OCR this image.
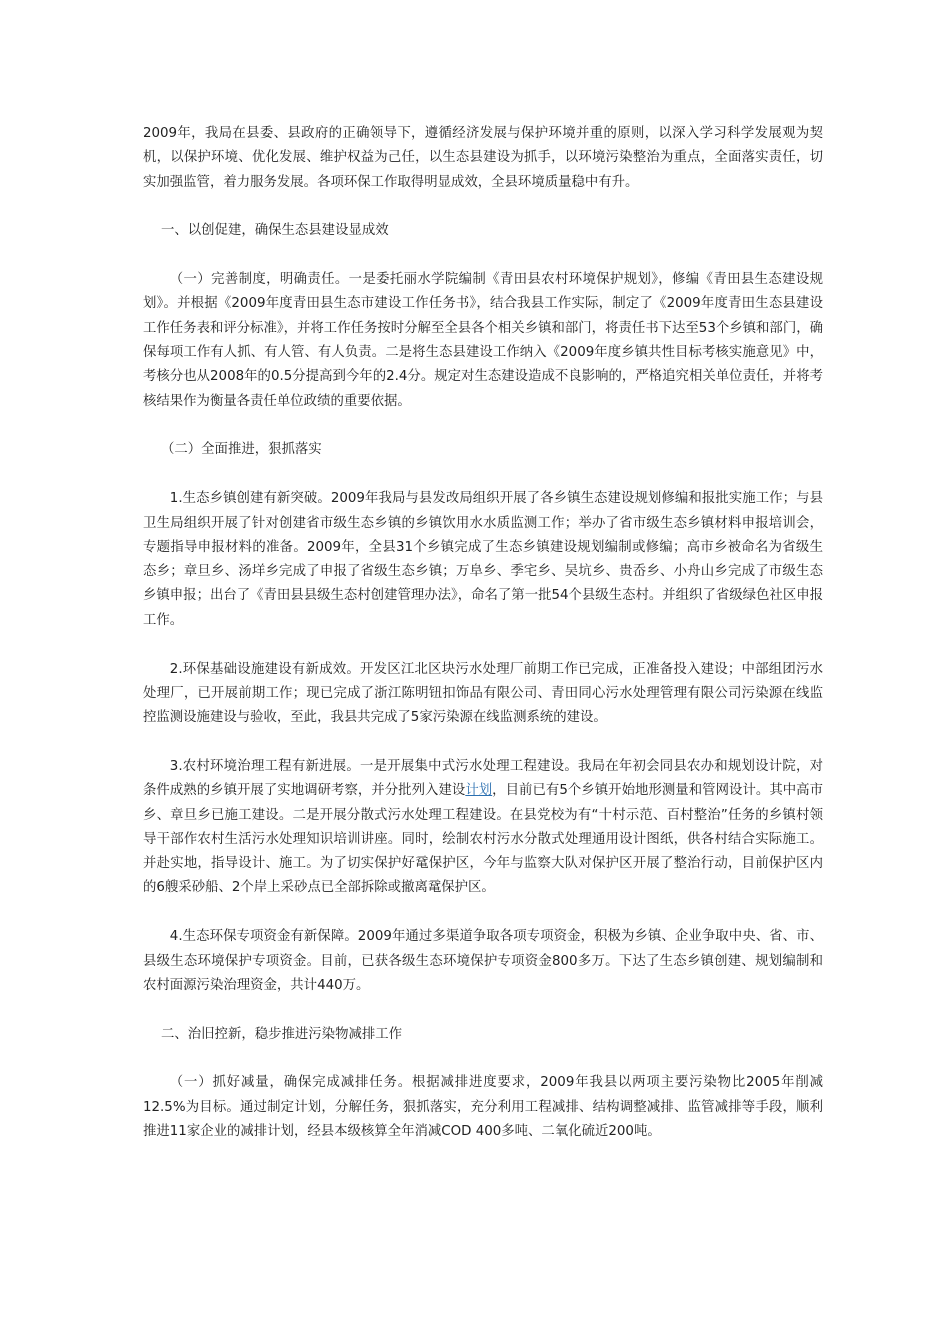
2009年，我局在县委、县政府的正确领导下，遵循经济发展与保护环境并重的原则，以深入学习科学发展观为契机，以保护环境、优化发展、维护权益为己任，以生态县建设为抓手，以环境污染整治为重点，全面落实责任，切实加强监管，着力服务发展。各项环保工作取得明显成效，全县环境质量稳中有升。

一、以创促建，确保生态县建设显成效

（一）完善制度，明确责任。一是委托丽水学院编制《青田县农村环境保护规划》，修编《青田县生态建设规划》。并根据《2009年度青田县生态市建设工作任务书》，结合我县工作实际，制定了《2009年度青田生态县建设工作任务表和评分标准》，并将工作任务按时分解至全县各个相关乡镇和部门，将责任书下达至53个乡镇和部门，确保每项工作有人抓、有人管、有人负责。二是将生态县建设工作纳入《2009年度乡镇共性目标考核实施意见》中，考核分也从2008年的0.5分提高到今年的2.4分。规定对生态建设造成不良影响的，严格追究相关单位责任，并将考核结果作为衡量各责任单位政绩的重要依据。

（二）全面推进，狠抓落实

1.生态乡镇创建有新突破。2009年我局与县发改局组织开展了各乡镇生态建设规划修编和报批实施工作；与县卫生局组织开展了针对创建省市级生态乡镇的乡镇饮用水水质监测工作；举办了省市级生态乡镇材料申报培训会，专题指导申报材料的准备。2009年，全县31个乡镇完成了生态乡镇建设规划编制或修编；高市乡被命名为省级生态乡；章旦乡、汤垟乡完成了申报了省级生态乡镇；万阜乡、季宅乡、吴坑乡、贵岙乡、小舟山乡完成了市级生态乡镇申报；出台了《青田县县级生态村创建管理办法》，命名了第一批54个县级生态村。并组织了省级绿色社区申报工作。

2.环保基础设施建设有新成效。开发区江北区块污水处理厂前期工作已完成，正准备投入建设；中部组团污水处理厂，已开展前期工作；现已完成了浙江陈明钮扣饰品有限公司、青田同心污水处理管理有限公司污染源在线监控监测设施建设与验收，至此，我县共完成了5家污染源在线监测系统的建设。

3.农村环境治理工程有新进展。一是开展集中式污水处理工程建设。我局在年初会同县农办和规划设计院，对条件成熟的乡镇开展了实地调研考察，并分批列入建设计划，目前已有5个乡镇开始地形测量和管网设计。其中高市乡、章旦乡已施工建设。二是开展分散式污水处理工程建设。在县党校为有“十村示范、百村整治”任务的乡镇村领导干部作农村生活污水处理知识培训讲座。同时，绘制农村污水分散式处理通用设计图纸，供各村结合实际施工。并赴实地，指导设计、施工。为了切实保护好鼋保护区，今年与监察大队对保护区开展了整治行动，目前保护区内的6艘采砂船、2个岸上采砂点已全部拆除或撤离鼋保护区。

4.生态环保专项资金有新保障。2009年通过多渠道争取各项专项资金，积极为乡镇、企业争取中央、省、市、县级生态环境保护专项资金。目前，已获各级生态环境保护专项资金800多万。下达了生态乡镇创建、规划编制和农村面源污染治理资金，共计440万。

二、治旧控新，稳步推进污染物减排工作

（一）抓好减量，确保完成减排任务。根据减排进度要求，2009年我县以两项主要污染物比2005年削减12.5%为目标。通过制定计划，分解任务，狠抓落实，充分利用工程减排、结构调整减排、监管减排等手段，顺利推进11家企业的减排计划，经县本级核算全年消减COD 400多吨、二氧化硫近200吨。
